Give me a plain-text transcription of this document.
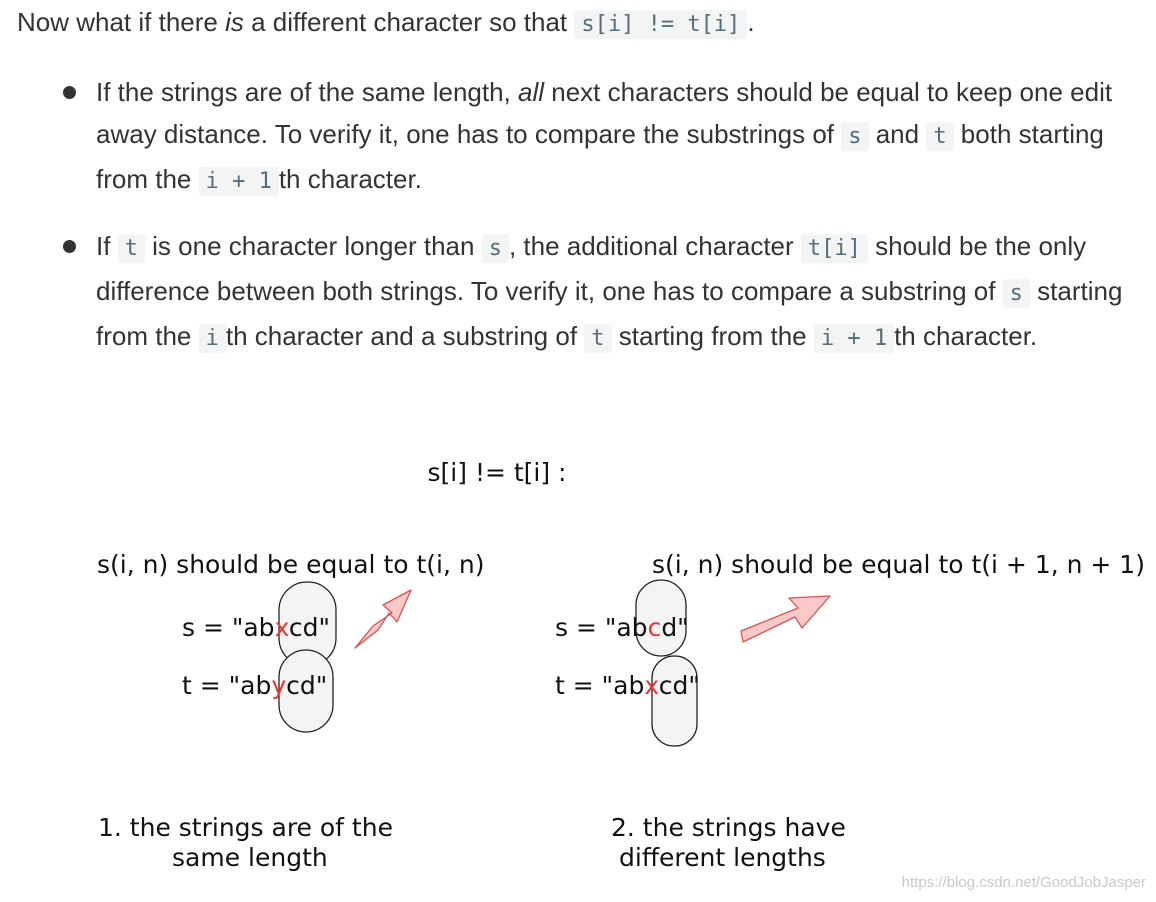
Now what if there is a different character so that s[i] != t[i] .

If the strings are of the same length, all next characters should be equal to keep one edit away distance. To verify it, one has to compare the substrings of s and t both starting from the i + 1 th character.
If t is one character longer than s , the additional character t[i] should be the only difference between both strings. To verify it, one has to compare a substring of s starting from the i th character and a substring of t starting from the i + 1 th character.
s[i] != t[i] :
s(i, n) should be equal to t(i, n)
s = "abxcd"
t = "abycd"
1. the strings are of the
same length
s(i, n) should be equal to t(i + 1, n + 1)
s = "abcd"
t = "abxcd"
2. the strings have
different lengths
https://blog.csdn.net/GoodJobJasper
